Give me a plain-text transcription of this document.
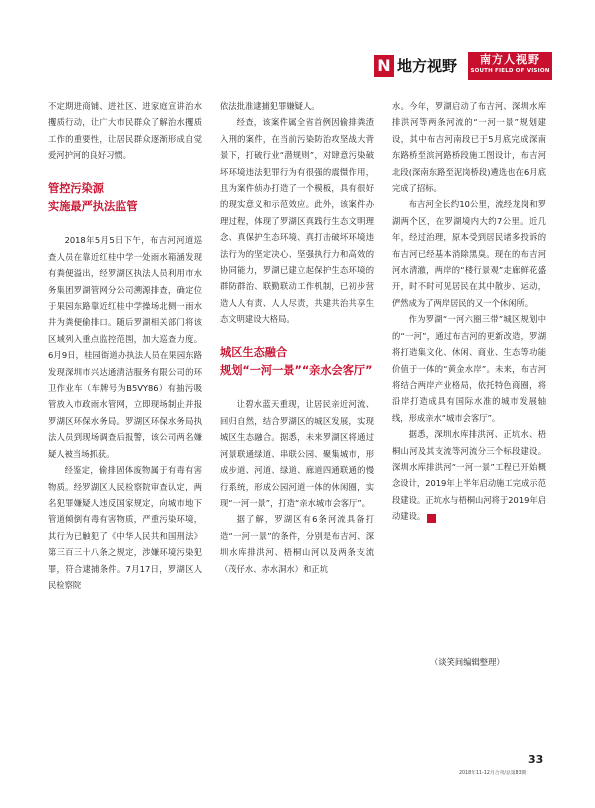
N 地方视野	南方人视野
SOUTH FIELD OF VISION

不定期进商铺、进社区、进家庭宣讲治水攫质行动，让广大市民群众了解治水攫质工作的重要性，让居民群众逐渐形成自觉爱河护河的良好习惯。

管控污染源
实施最严执法监管

2018年5月5日下午，布吉河河道巡查人员在靠近红桂中学一处雨水箱涵发现有粪便溢出，经罗湖区执法人员利用市水务集团罗湖管网分公司溯源排查，确定位于果园东路靠近红桂中学操场北侧一雨水井为粪便偷排口。随后罗湖相关部门将该区域列入重点监控范围，加大巡查力度。6月9日，桂园街道办执法人员在果园东路发现深圳市兴达通清洁服务有限公司的环卫作业车（车牌号为B5VY86）有抽污吸管放入市政雨水管网，立即现场制止并报罗湖区环保水务局。罗湖区环保水务局执法人员到现场调查后报警，该公司两名嫌疑人被当场抓获。

经鉴定，偷排固体废物属于有毒有害物质。经罗湖区人民检察院审查认定，两名犯罪嫌疑人违反国家规定，向城市地下管道倾倒有毒有害物质，严重污染环境，其行为已触犯了《中华人民共和国刑法》第三百三十八条之规定，涉嫌环境污染犯罪，符合逮捕条件。7月17日，罗湖区人民检察院

依法批准逮捕犯罪嫌疑人。

经查，该案件属全省首例因偷排粪渣入刑的案件，在当前污染防治攻坚战大背景下，打破行业“潜规则”，对肆意污染破坏环境违法犯罪行为有很强的震慑作用，且为案件侦办打造了一个模板，具有很好的现实意义和示范效应。此外，该案件办理过程，体现了罗湖区真践行生态文明理念、真保护生态环境、真打击破坏环境违法行为的坚定决心、坚强执行力和高效的协同能力，罗湖已建立起保护生态环境的群防群治、联勤联动工作机制，已初步营造人人有责、人人尽责，共建共治共享生态文明建设大格局。

城区生态融合
规划“一河一景”“亲水会客厅”

让碧水蓝天重现，让居民亲近河流、回归自然，结合罗湖区的城区发展，实现城区生态融合。据悉，未来罗湖区将通过河景联通绿道、串联公园、聚集城市，形成步道、河道、绿道、廊道四通联通的慢行系统，形成公园河道一体的休闲圈，实现“一河一景”，打造“亲水城市会客厅”。

据了解，罗湖区有6条河流具备打造“一河一景”的条件，分别是布吉河、深圳水库排洪河、梧桐山河以及两条支流（茂仔水、赤水洞水）和正坑

水。今年，罗湖启动了布吉河、深圳水库排洪河等两条河流的“一河一景”规划建设，其中布吉河南段已于5月底完成深南东路桥至滨河路桥段施工图设计，布吉河北段(深南东路至泥岗桥段)遴选也在6月底完成了招标。

布吉河全长约10公里，流经龙岗和罗湖两个区，在罗湖境内大约7公里。近几年，经过治理，原本受到居民诸多投诉的布吉河已经基本消除黑臭。现在的布吉河河水清澈，两岸的“楼行景观”走廊鲜花盛开，时不时可见居民在其中散步、运动，俨然成为了两岸居民的又一个休闲所。

作为罗湖“一河六圈三带”城区规划中的“一河”，通过布吉河的更新改造，罗湖将打造集文化、休闲、商业、生态等功能价值于一体的“黄金水岸”。未来，布吉河将结合两岸产业格局，依托特色商圈，将沿岸打造成具有国际水准的城市发展轴线，形成亲水“城市会客厅”。

据悉，深圳水库排洪河、正坑水、梧桐山河及其支流等河流分三个标段建设。深圳水库排洪河“一河一景”工程已开始概念设计，2019年上半年启动施工完成示范段建设。正坑水与梧桐山河将于2019年启动建设。	N

（谈笑间编辑整理）
33
2018年11-12月合刊/总第83期
